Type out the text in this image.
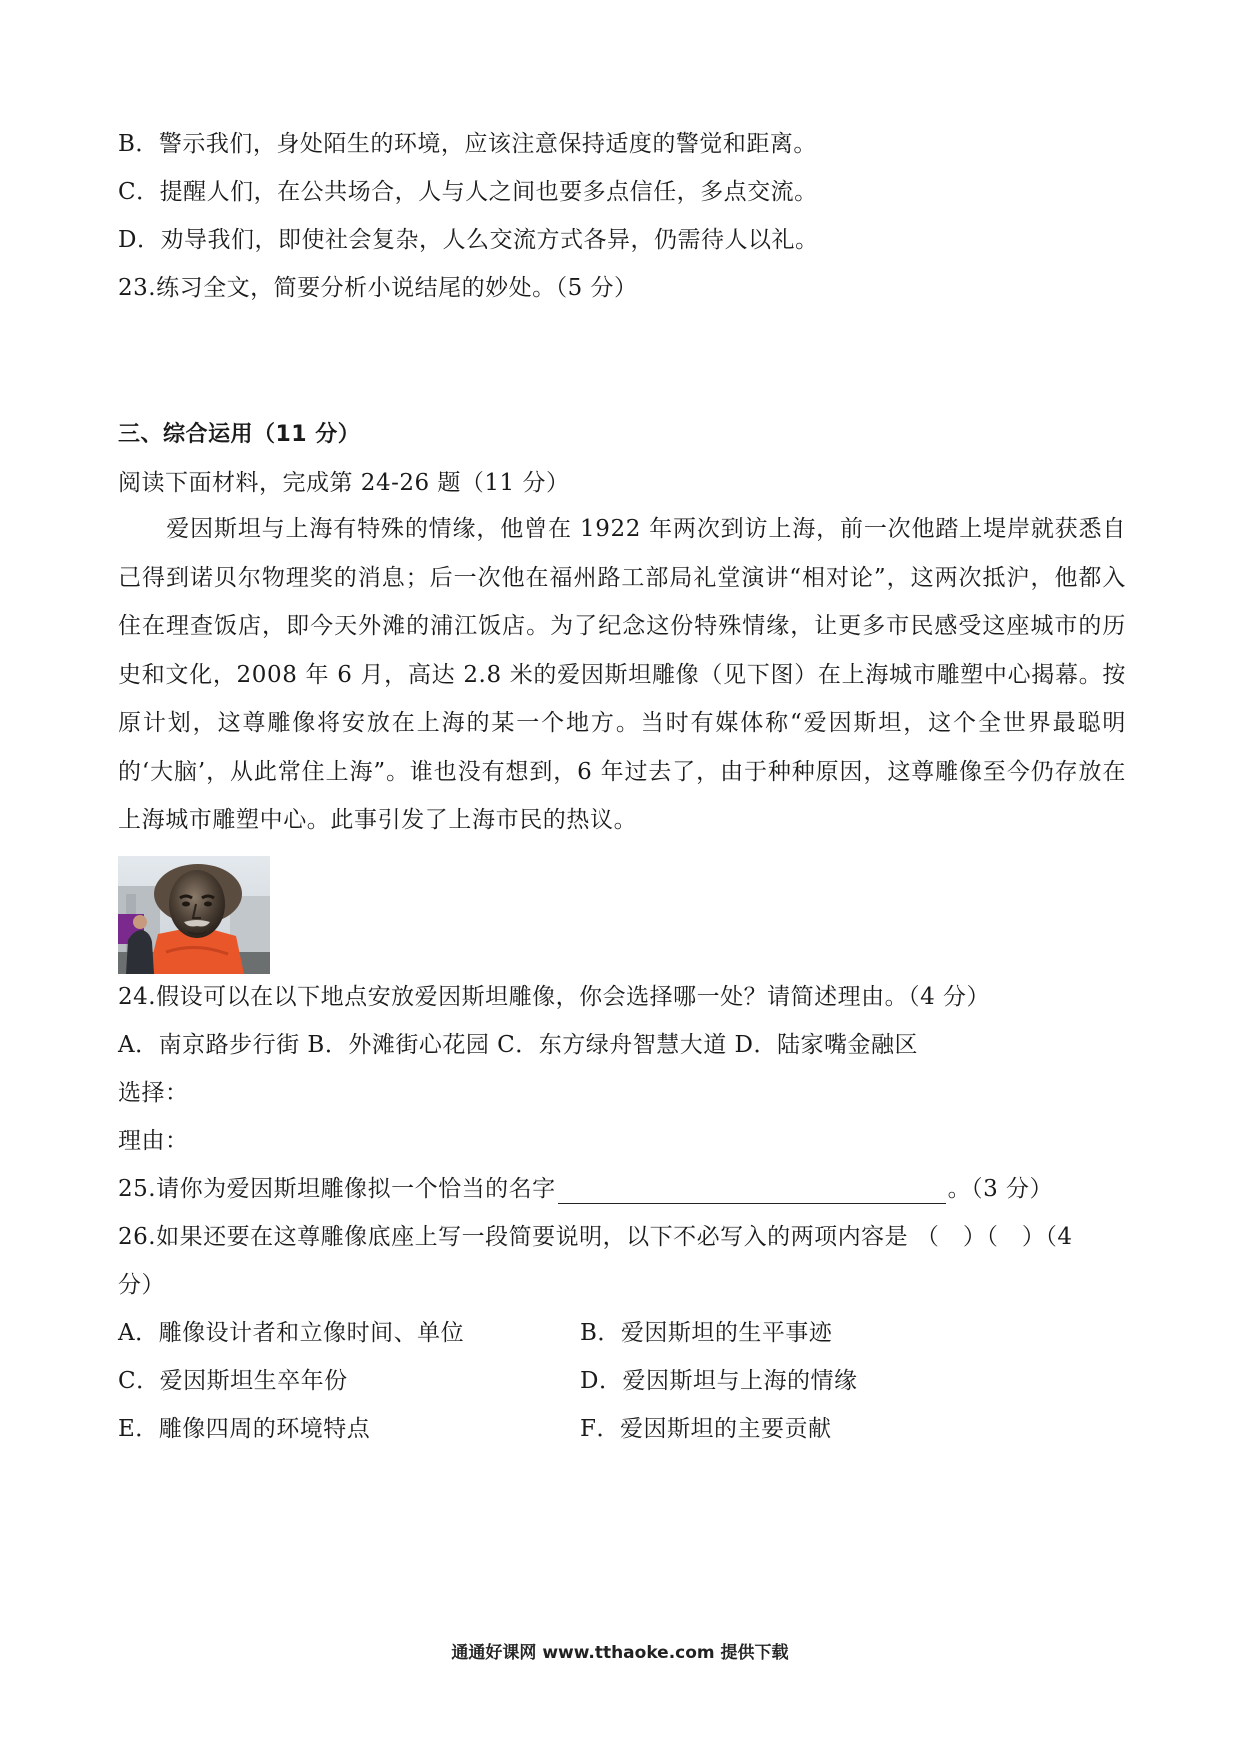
B．警示我们，身处陌生的环境，应该注意保持适度的警觉和距离。
C．提醒人们，在公共场合，人与人之间也要多点信任，多点交流。
D．劝导我们，即使社会复杂，人么交流方式各异，仍需待人以礼。
23.练习全文，简要分析小说结尾的妙处。（5 分）
三、综合运用（11 分）
阅读下面材料，完成第 24-26 题（11 分）
爱因斯坦与上海有特殊的情缘，他曾在 1922 年两次到访上海，前一次他踏上堤岸就获悉自己得到诺贝尔物理奖的消息；后一次他在福州路工部局礼堂演讲“相对论”，这两次抵沪，他都入住在理查饭店，即今天外滩的浦江饭店。为了纪念这份特殊情缘，让更多市民感受这座城市的历史和文化，2008 年 6 月，高达 2.8 米的爱因斯坦雕像（见下图）在上海城市雕塑中心揭幕。按原计划，这尊雕像将安放在上海的某一个地方。当时有媒体称“爱因斯坦，这个全世界最聪明的‘大脑’，从此常住上海”。谁也没有想到，6 年过去了，由于种种原因，这尊雕像至今仍存放在上海城市雕塑中心。此事引发了上海市民的热议。
24.假设可以在以下地点安放爱因斯坦雕像，你会选择哪一处？请简述理由。（4 分）
A．南京路步行街 B．外滩街心花园 C．东方绿舟智慧大道 D．陆家嘴金融区
选择：
理由：
25.请你为爱因斯坦雕像拟一个恰当的名字	。（3 分）
26.如果还要在这尊雕像底座上写一段简要说明，以下不必写入的两项内容是 （　）（　）（4
分）
A．雕像设计者和立像时间、单位	B．爱因斯坦的生平事迹
C．爱因斯坦生卒年份	D．爱因斯坦与上海的情缘
E．雕像四周的环境特点	F．爱因斯坦的主要贡献
通通好课网 www.tthaoke.com 提供下载
